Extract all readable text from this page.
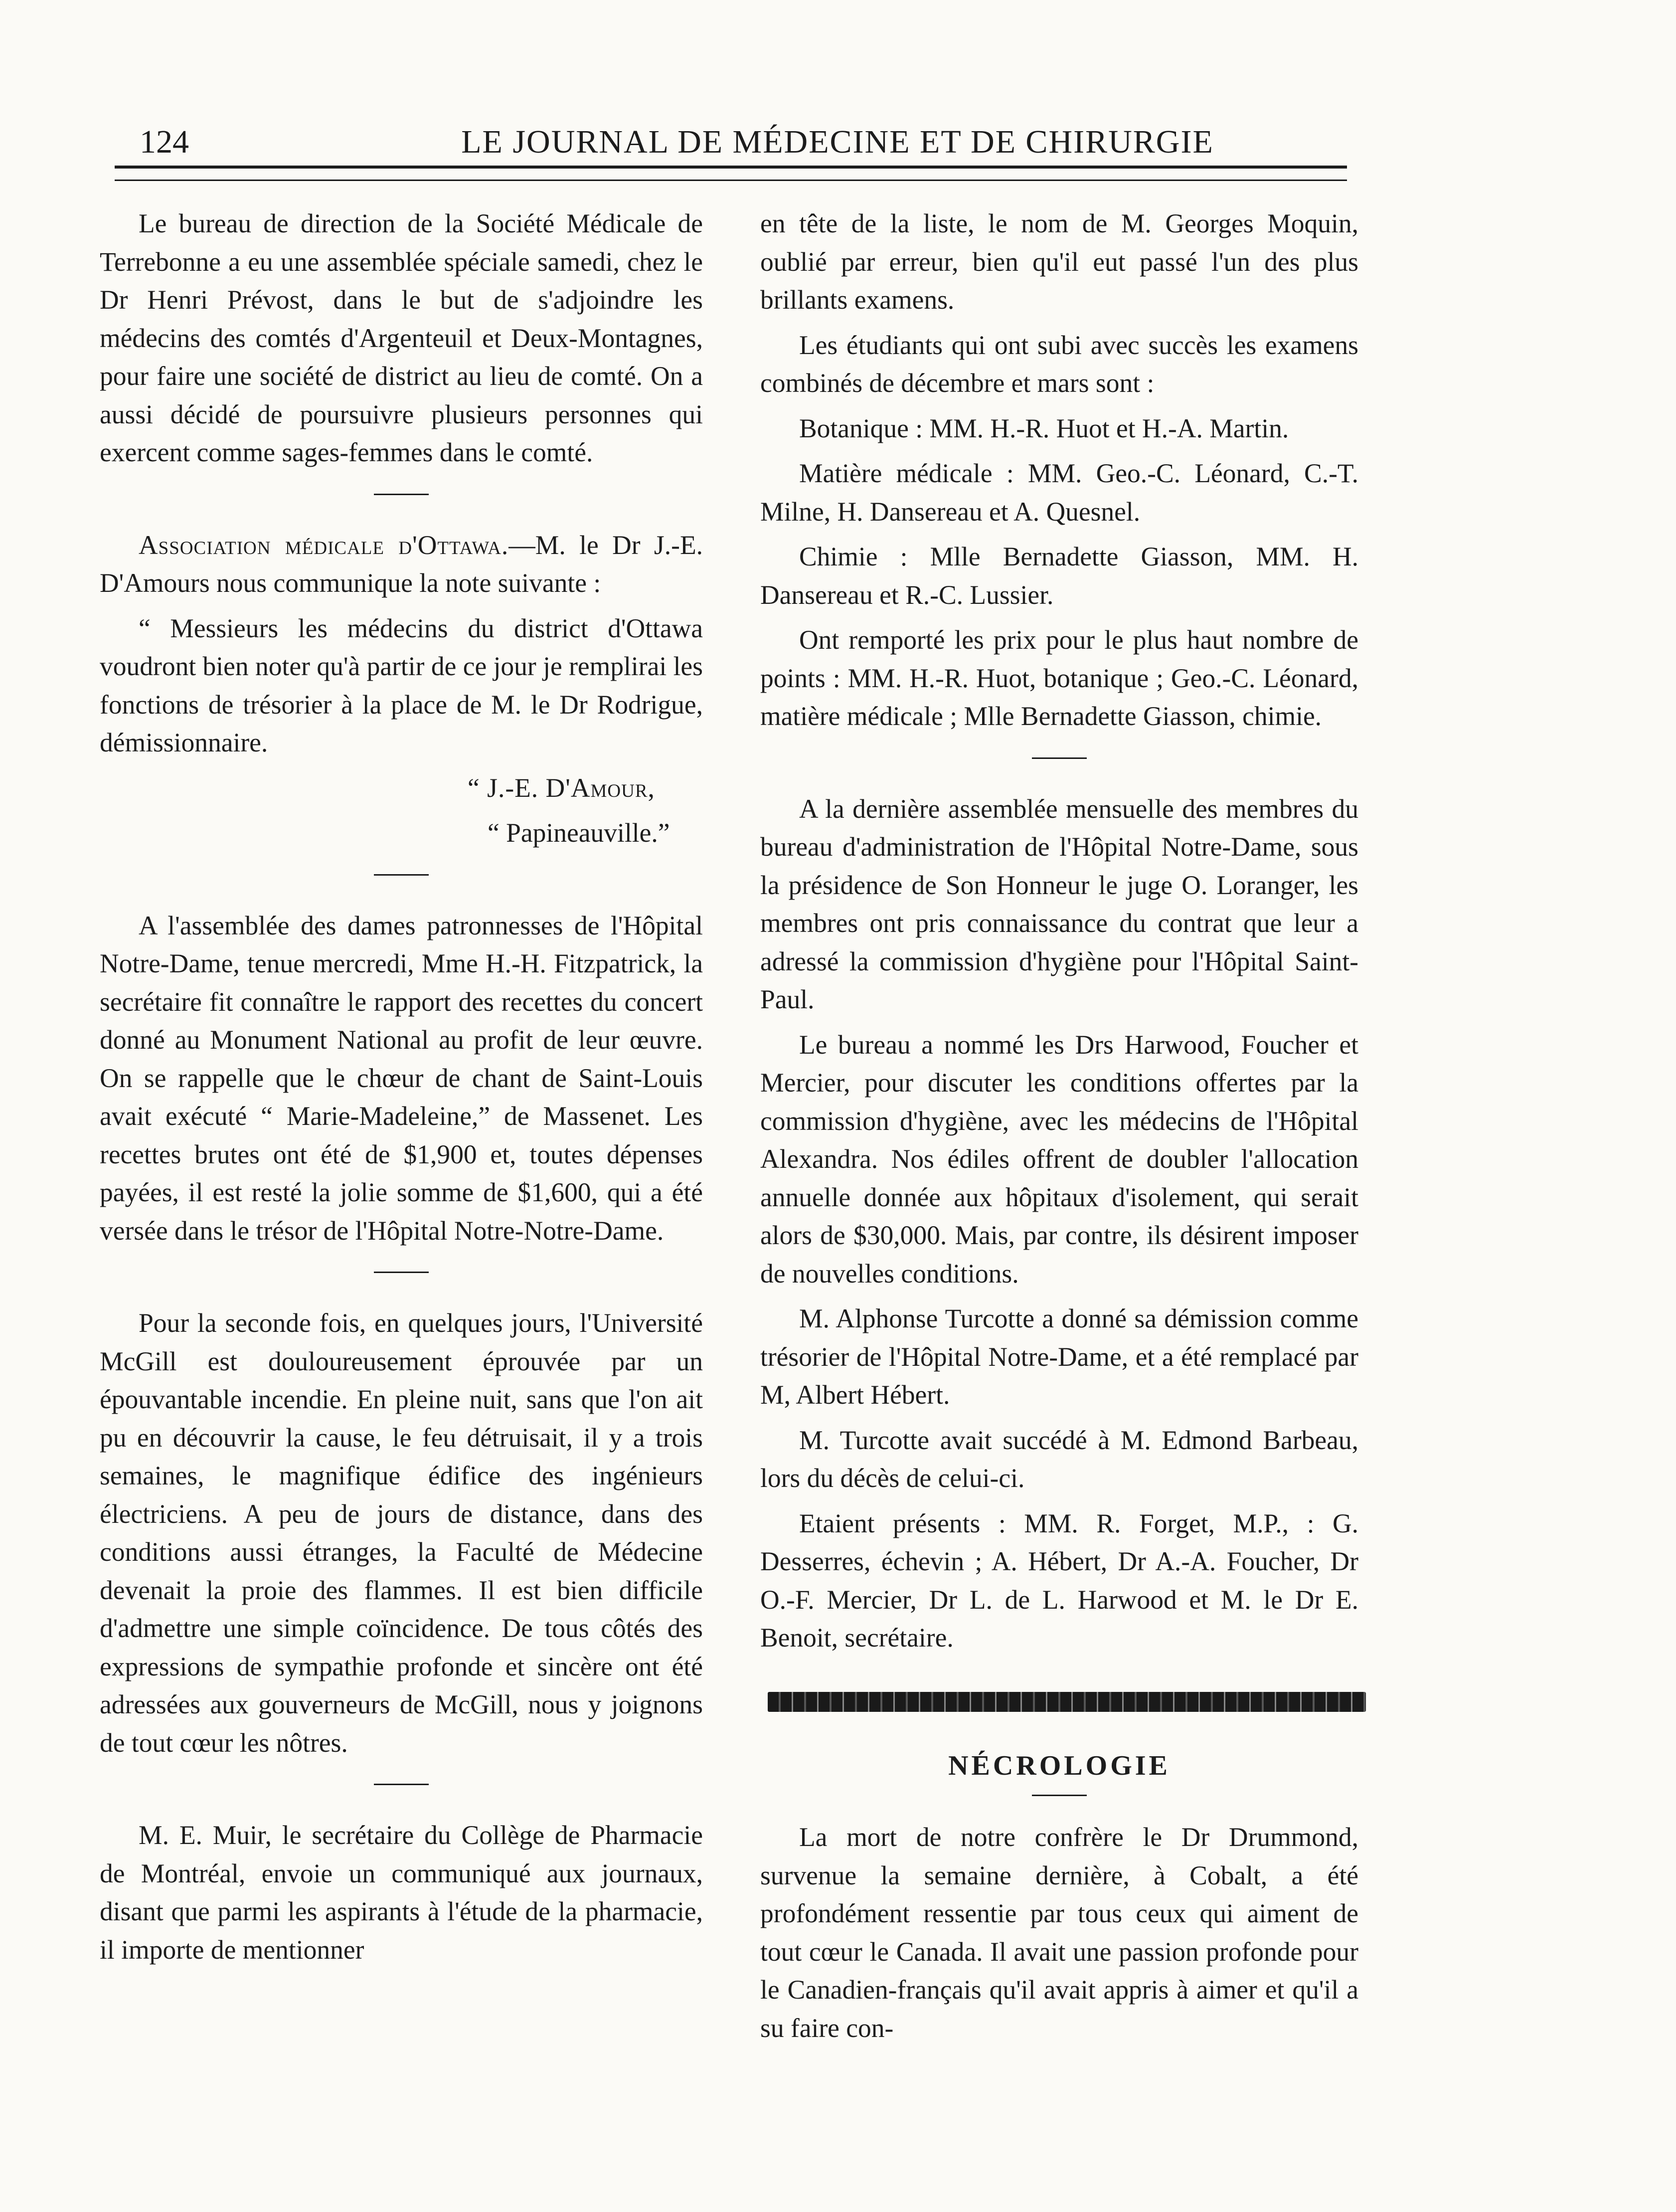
124	LE JOURNAL DE MÉDECINE ET DE CHIRURGIE

Le bureau de direction de la Société Médicale de Terrebonne a eu une assemblée spéciale samedi, chez le Dr Henri Prévost, dans le but de s'adjoindre les médecins des comtés d'Argenteuil et Deux-Montagnes, pour faire une société de district au lieu de comté. On a aussi décidé de poursuivre plusieurs personnes qui exercent comme sages-femmes dans le comté.

Association médicale d'Ottawa.—M. le Dr J.-E. D'Amours nous communique la note suivante :

“ Messieurs les médecins du district d'Ottawa voudront bien noter qu'à partir de ce jour je remplirai les fonctions de trésorier à la place de M. le Dr Rodrigue, démissionnaire.

“ J.-E. D'Amour,

“ Papineauville.”

A l'assemblée des dames patronnesses de l'Hôpital Notre-Dame, tenue mercredi, Mme H.-H. Fitzpatrick, la secrétaire fit connaître le rapport des recettes du concert donné au Monument National au profit de leur œuvre. On se rappelle que le chœur de chant de Saint-Louis avait exécuté “ Marie-Madeleine,” de Massenet. Les recettes brutes ont été de $1,900 et, toutes dépenses payées, il est resté la jolie somme de $1,600, qui a été versée dans le trésor de l'Hôpital Notre-Notre-Dame.

Pour la seconde fois, en quelques jours, l'Université McGill est douloureusement éprouvée par un épouvantable incendie. En pleine nuit, sans que l'on ait pu en découvrir la cause, le feu détruisait, il y a trois semaines, le magnifique édifice des ingénieurs électriciens. A peu de jours de distance, dans des conditions aussi étranges, la Faculté de Médecine devenait la proie des flammes. Il est bien difficile d'admettre une simple coïncidence. De tous côtés des expressions de sympathie profonde et sincère ont été adressées aux gouverneurs de McGill, nous y joignons de tout cœur les nôtres.

M. E. Muir, le secrétaire du Collège de Pharmacie de Montréal, envoie un communiqué aux journaux, disant que parmi les aspirants à l'étude de la pharmacie, il importe de mentionner

en tête de la liste, le nom de M. Georges Moquin, oublié par erreur, bien qu'il eut passé l'un des plus brillants examens.

Les étudiants qui ont subi avec succès les examens combinés de décembre et mars sont :

Botanique : MM. H.-R. Huot et H.-A. Martin.

Matière médicale : MM. Geo.-C. Léonard, C.-T. Milne, H. Dansereau et A. Quesnel.

Chimie : Mlle Bernadette Giasson, MM. H. Dansereau et R.-C. Lussier.

Ont remporté les prix pour le plus haut nombre de points : MM. H.-R. Huot, botanique ; Geo.-C. Léonard, matière médicale ; Mlle Bernadette Giasson, chimie.

A la dernière assemblée mensuelle des membres du bureau d'administration de l'Hôpital Notre-Dame, sous la présidence de Son Honneur le juge O. Loranger, les membres ont pris connaissance du contrat que leur a adressé la commission d'hygiène pour l'Hôpital Saint-Paul.

Le bureau a nommé les Drs Harwood, Foucher et Mercier, pour discuter les conditions offertes par la commission d'hygiène, avec les médecins de l'Hôpital Alexandra. Nos édiles offrent de doubler l'allocation annuelle donnée aux hôpitaux d'isolement, qui serait alors de $30,000. Mais, par contre, ils désirent imposer de nouvelles conditions.

M. Alphonse Turcotte a donné sa démission comme trésorier de l'Hôpital Notre-Dame, et a été remplacé par M, Albert Hébert.

M. Turcotte avait succédé à M. Edmond Barbeau, lors du décès de celui-ci.

Etaient présents : MM. R. Forget, M.P., : G. Desserres, échevin ; A. Hébert, Dr A.-A. Foucher, Dr O.-F. Mercier, Dr L. de L. Harwood et M. le Dr E. Benoit, secrétaire.

NÉCROLOGIE

La mort de notre confrère le Dr Drummond, survenue la semaine dernière, à Cobalt, a été profondément ressentie par tous ceux qui aiment de tout cœur le Canada. Il avait une passion profonde pour le Canadien-français qu'il avait appris à aimer et qu'il a su faire con-
